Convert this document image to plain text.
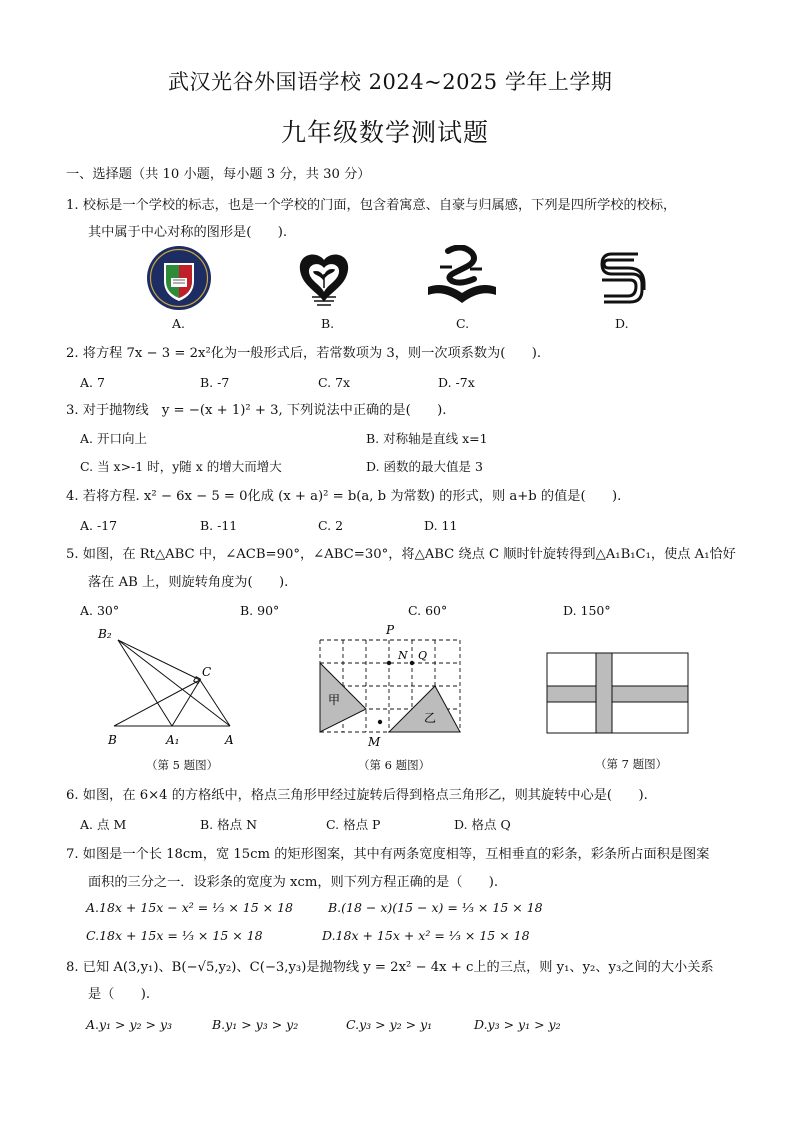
武汉光谷外国语学校 2024~2025 学年上学期
九年级数学测试题
一、选择题（共 10 小题，每小题 3 分，共 30 分）
1. 校标是一个学校的标志，也是一个学校的门面，包含着寓意、自豪与归属感，下列是四所学校的校标，
其中属于中心对称的图形是(　　).
A.	B.	C.	D.
2. 将方程 7x − 3 = 2x²化为一般形式后，若常数项为 3，则一次项系数为(　　).
A. 7	B. -7	C. 7x	D. -7x
3. 对于抛物线　y = −(x + 1)² + 3, 下列说法中正确的是(　　).
A. 开口向上	B. 对称轴是直线 x=1
C. 当 x>-1 时，y随 x 的增大而增大	D. 函数的最大值是 3
4. 若将方程. x² − 6x − 5 = 0化成 (x + a)² = b(a, b 为常数) 的形式，则 a+b 的值是(　　).
A. -17	B. -11	C. 2	D. 11
5. 如图，在 Rt△ABC 中，∠ACB=90°，∠ABC=30°，将△ABC 绕点 C 顺时针旋转得到△A₁B₁C₁，使点 A₁恰好
落在 AB 上，则旋转角度为(　　).
A. 30°	B. 90°	C. 60°	D. 150°
B₂
C
B	A₁	A
（第 5 题图）
P
N Q
甲
乙
M
（第 6 题图）	（第 7 题图）
6. 如图，在 6×4 的方格纸中，格点三角形甲经过旋转后得到格点三角形乙，则其旋转中心是(　　).
A. 点 M	B. 格点 N	C. 格点 P	D. 格点 Q
7. 如图是一个长 18cm，宽 15cm 的矩形图案，其中有两条宽度相等，互相垂直的彩条，彩条所占面积是图案
面积的三分之一．设彩条的宽度为 xcm，则下列方程正确的是（　　).
A.18x + 15x − x² = ⅓ × 15 × 18	B.(18 − x)(15 − x) = ⅓ × 15 × 18
C.18x + 15x = ⅓ × 15 × 18	D.18x + 15x + x² = ⅓ × 15 × 18
8. 已知 A(3,y₁)、B(−√5,y₂)、C(−3,y₃)是抛物线 y = 2x² − 4x + c上的三点，则 y₁、y₂、y₃之间的大小关系
是（　　).
A.y₁ > y₂ > y₃	B.y₁ > y₃ > y₂	C.y₃ > y₂ > y₁	D.y₃ > y₁ > y₂
